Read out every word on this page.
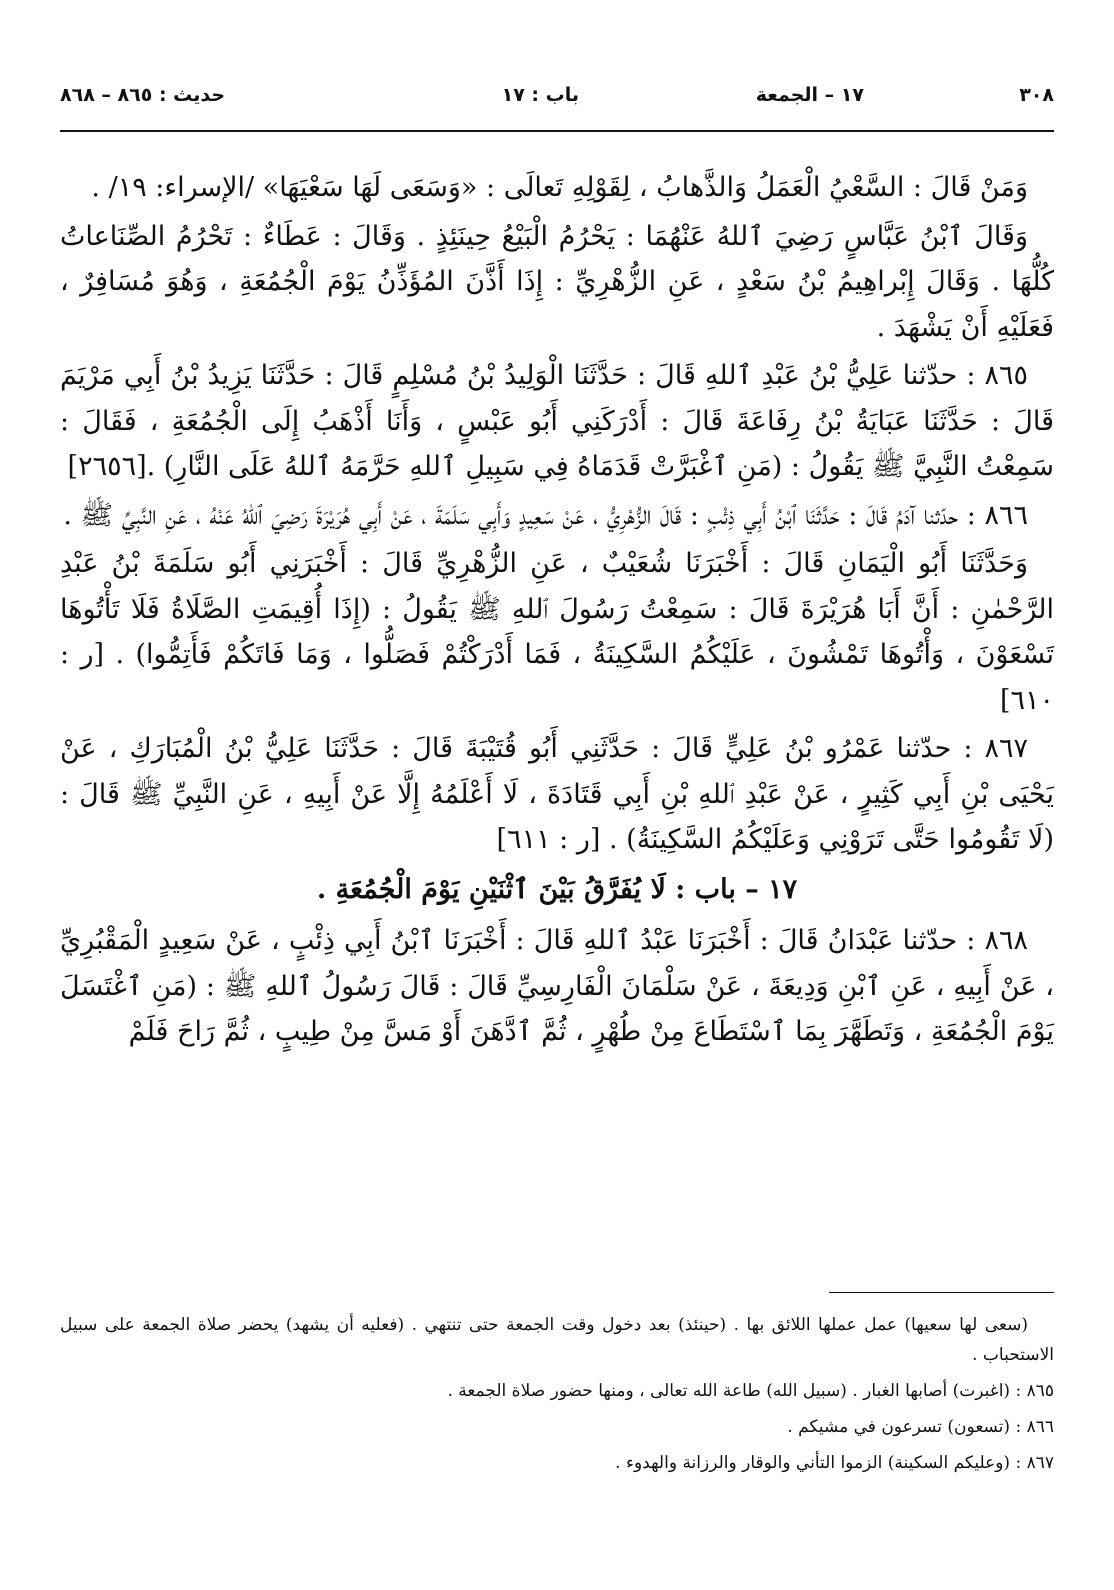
٣٠٨
١٧ – الجمعة
باب : ١٧
حديث : ٨٦٥ – ٨٦٨

وَمَنْ قَالَ : السَّعْيُ الْعَمَلُ وَالذَّهابُ ، لِقَوْلِهِ تَعالَى : «وَسَعَى لَهَا سَعْيَهَا» /الإسراء: ١٩/ .

وَقَالَ ٱبْنُ عَبَّاسٍ رَضِيَ ٱللهُ عَنْهُمَا : يَحْرُمُ الْبَيْعُ حِينَئِذٍ . وَقَالَ : عَطَاءٌ : تَحْرُمُ الصِّنَاعاتُ كُلُّهَا . وَقَالَ إِبْراهِيمُ بْنُ سَعْدٍ ، عَنِ الزُّهْرِيِّ : إِذَا أَذَّنَ المُؤَذِّنُ يَوْمَ الْجُمُعَةِ ، وَهُوَ مُسَافِرٌ ، فَعَلَيْهِ أَنْ يَشْهَدَ .

٨٦٥ : حدّثنا عَلِيُّ بْنُ عَبْدِ ٱللهِ قَالَ : حَدَّثَنَا الْوَلِيدُ بْنُ مُسْلِمٍ قَالَ : حَدَّثَنَا يَزِيدُ بْنُ أَبِي مَرْيَمَ قَالَ : حَدَّثَنَا عَبَايَةُ بْنُ رِفَاعَةَ قَالَ : أَدْرَكَنِي أَبُو عَبْسٍ ، وَأَنَا أَذْهَبُ إِلَى الْجُمُعَةِ ، فَقَالَ : سَمِعْتُ النَّبِيَّ ﷺ يَقُولُ : (مَنِ ٱغْبَرَّتْ قَدَمَاهُ فِي سَبِيلِ ٱللهِ حَرَّمَهُ ٱللهُ عَلَى النَّارِ) .[٢٦٥٦]

٨٦٦ : حدّثنا آدَمُ قَالَ : حَدَّثَنَا ٱبْنُ أَبِي ذِئْبٍ : قَالَ الزُّهْرِيُّ ، عَنْ سَعِيدٍ وَأَبِي سَلَمَةَ ، عَنْ أَبِي هُرَيْرَةَ رَضِيَ ٱللهُ عَنْهُ ، عَنِ النَّبِيِّ ﷺ .

وَحَدَّثَنَا أَبُو الْيَمَانِ قَالَ : أَخْبَرَنَا شُعَيْبٌ ، عَنِ الزُّهْرِيِّ قَالَ : أَخْبَرَنِي أَبُو سَلَمَةَ بْنُ عَبْدِ الرَّحْمٰنِ : أَنَّ أَبَا هُرَيْرَةَ قَالَ : سَمِعْتُ رَسُولَ ٱللهِ ﷺ يَقُولُ : (إِذَا أُقِيمَتِ الصَّلَاةُ فَلَا تَأْتُوهَا تَسْعَوْنَ ، وَأْتُوهَا تَمْشُونَ ، عَلَيْكُمُ السَّكِينَةُ ، فَمَا أَدْرَكْتُمْ فَصَلُّوا ، وَمَا فَاتَكُمْ فَأَتِمُّوا) . [ر : ٦١٠]

٨٦٧ : حدّثنا عَمْرُو بْنُ عَلِيٍّ قَالَ : حَدَّثَنِي أَبُو قُتَيْبَةَ قَالَ : حَدَّثَنَا عَلِيُّ بْنُ الْمُبَارَكِ ، عَنْ يَحْيَى بْنِ أَبِي كَثِيرٍ ، عَنْ عَبْدِ ٱللهِ بْنِ أَبِي قَتَادَةَ ، لَا أَعْلَمُهُ إِلَّا عَنْ أَبِيهِ ، عَنِ النَّبِيِّ ﷺ قَالَ : (لَا تَقُومُوا حَتَّى تَرَوْنِي وَعَلَيْكُمُ السَّكِينَةُ) . [ر : ٦١١]

١٧ – باب : لَا يُفَرَّقُ بَيْنَ ٱثْنَيْنِ يَوْمَ الْجُمُعَةِ .

٨٦٨ : حدّثنا عَبْدَانُ قَالَ : أَخْبَرَنَا عَبْدُ ٱللهِ قَالَ : أَخْبَرَنَا ٱبْنُ أَبِي ذِئْبٍ ، عَنْ سَعِيدٍ الْمَقْبُرِيِّ ، عَنْ أَبِيهِ ، عَنِ ٱبْنِ وَدِيعَةَ ، عَنْ سَلْمَانَ الْفَارِسِيِّ قَالَ : قَالَ رَسُولُ ٱللهِ ﷺ : (مَنِ ٱغْتَسَلَ يَوْمَ الْجُمُعَةِ ، وَتَطَهَّرَ بِمَا ٱسْتَطَاعَ مِنْ طُهْرٍ ، ثُمَّ ٱدَّهَنَ أَوْ مَسَّ مِنْ طِيبٍ ، ثُمَّ رَاحَ فَلَمْ

(سعى لها سعيها) عمل عملها اللائق بها . (حينئذ) بعد دخول وقت الجمعة حتى تنتهي . (فعليه أن يشهد) يحضر صلاة الجمعة على سبيل الاستحباب .

٨٦٥ : (اغبرت) أصابها الغبار . (سبيل الله) طاعة الله تعالى ، ومنها حضور صلاة الجمعة .

٨٦٦ : (تسعون) تسرعون في مشيكم .

٨٦٧ : (وعليكم السكينة) الزموا التأني والوقار والرزانة والهدوء .
